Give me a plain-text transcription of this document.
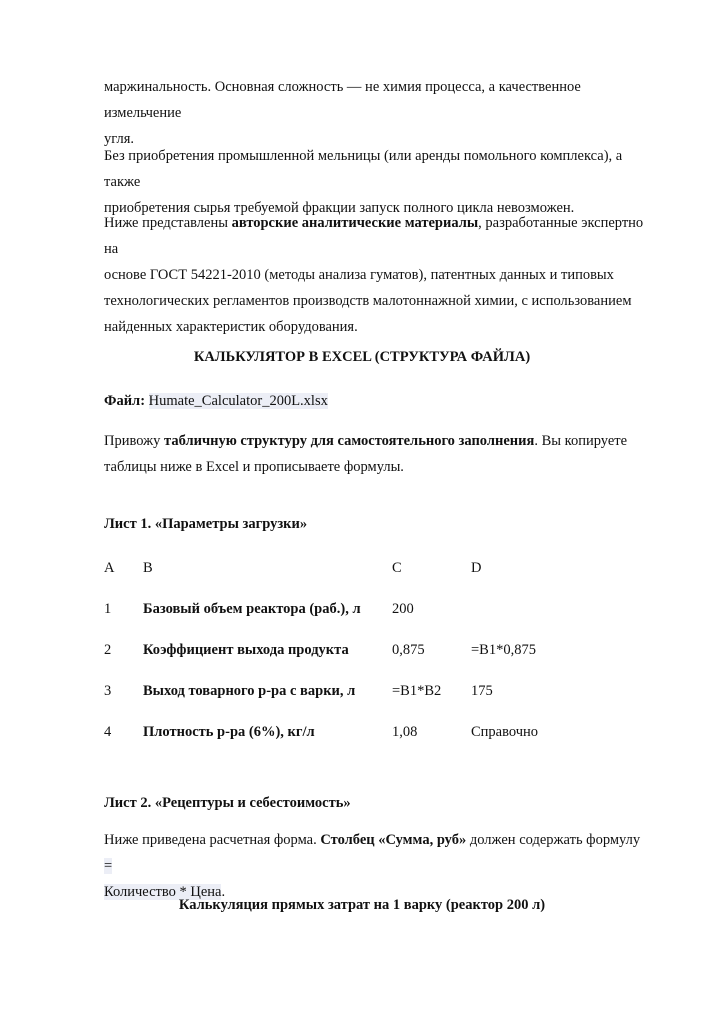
маржинальность. Основная сложность — не химия процесса, а качественное измельчение
угля.

Без приобретения промышленной мельницы (или аренды помольного комплекса), а также
приобретения сырья требуемой фракции запуск полного цикла невозможен.

Ниже представлены авторские аналитические материалы, разработанные экспертно на
основе ГОСТ 54221-2010 (методы анализа гуматов), патентных данных и типовых
технологических регламентов производств малотоннажной химии, с использованием
найденных характеристик оборудования.

КАЛЬКУЛЯТОР В EXCEL (СТРУКТУРА ФАЙЛА)
Файл: Humate_Calculator_200L.xlsx

Привожу табличную структуру для самостоятельного заполнения. Вы копируете
таблицы ниже в Excel и прописываете формулы.

Лист 1. «Параметры загрузки»
A B	C	D
1 Базовый объем реактора (раб.), л 200
2 Коэффициент выхода продукта	0,875	=B1*0,875
3 Выход товарного р-ра с варки, л	=B1*B2 175
4 Плотность р-ра (6%), кг/л	1,08	Справочно
Лист 2. «Рецептуры и себестоимость»

Ниже приведена расчетная форма. Столбец «Сумма, руб» должен содержать формулу =
Количество * Цена.

Калькуляция прямых затрат на 1 варку (реактор 200 л)
